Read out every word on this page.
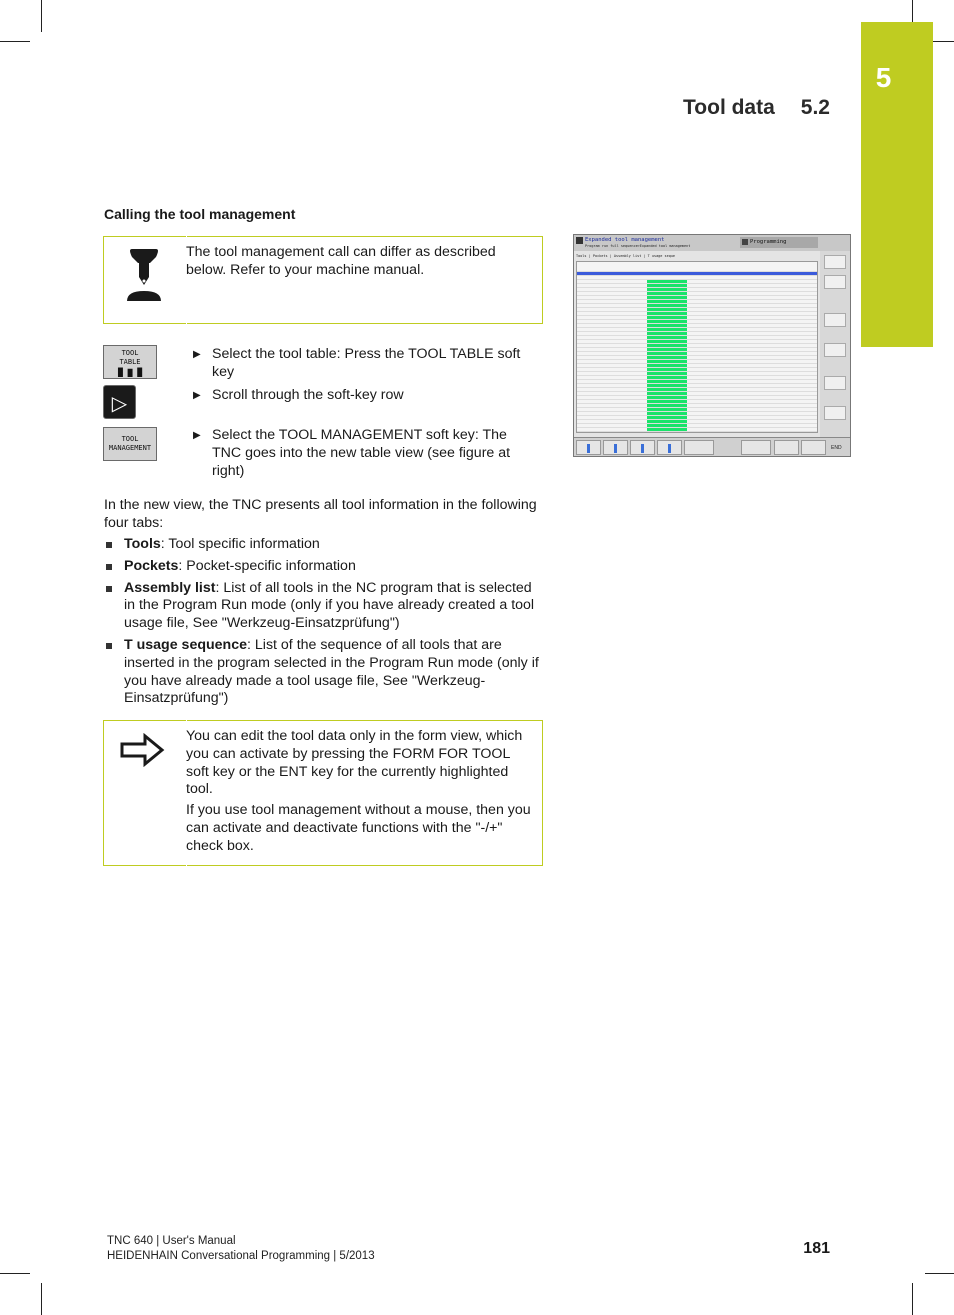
5
Tool data 5.2
Calling the tool management

The tool management call can differ as described below. Refer to your machine manual.

TOOL
TABLE
█ ▇ █
▶ Select the tool table: Press the TOOL TABLE soft key
▷	▶ Scroll through the soft-key row
TOOL
MANAGEMENT
▶ Select the TOOL MANAGEMENT soft key: The TNC goes into the new table view (see figure at right)

In the new view, the TNC presents all tool information in the following four tabs:

Tools: Tool specific information
Pockets: Pocket-specific information
Assembly list: List of all tools in the NC program that is selected in the Program Run mode (only if you have already created a tool usage file, See "Werkzeug-Einsatzprüfung")
T usage sequence: List of the sequence of all tools that are inserted in the program selected in the Program Run mode (only if you have already made a tool usage file, See "Werkzeug-Einsatzprüfung")

You can edit the tool data only in the form view, which you can activate by pressing the FORM FOR TOOL soft key or the ENT key for the currently highlighted tool.

If you use tool management without a mouse, then you can activate and deactivate functions with the "-/+" check box.

Expanded tool management
Program run full sequence>Expanded tool management
Programming
Tools | Pockets | Assembly list | T usage seque
END
TNC 640 | User's Manual
HEIDENHAIN Conversational Programming | 5/2013	181
